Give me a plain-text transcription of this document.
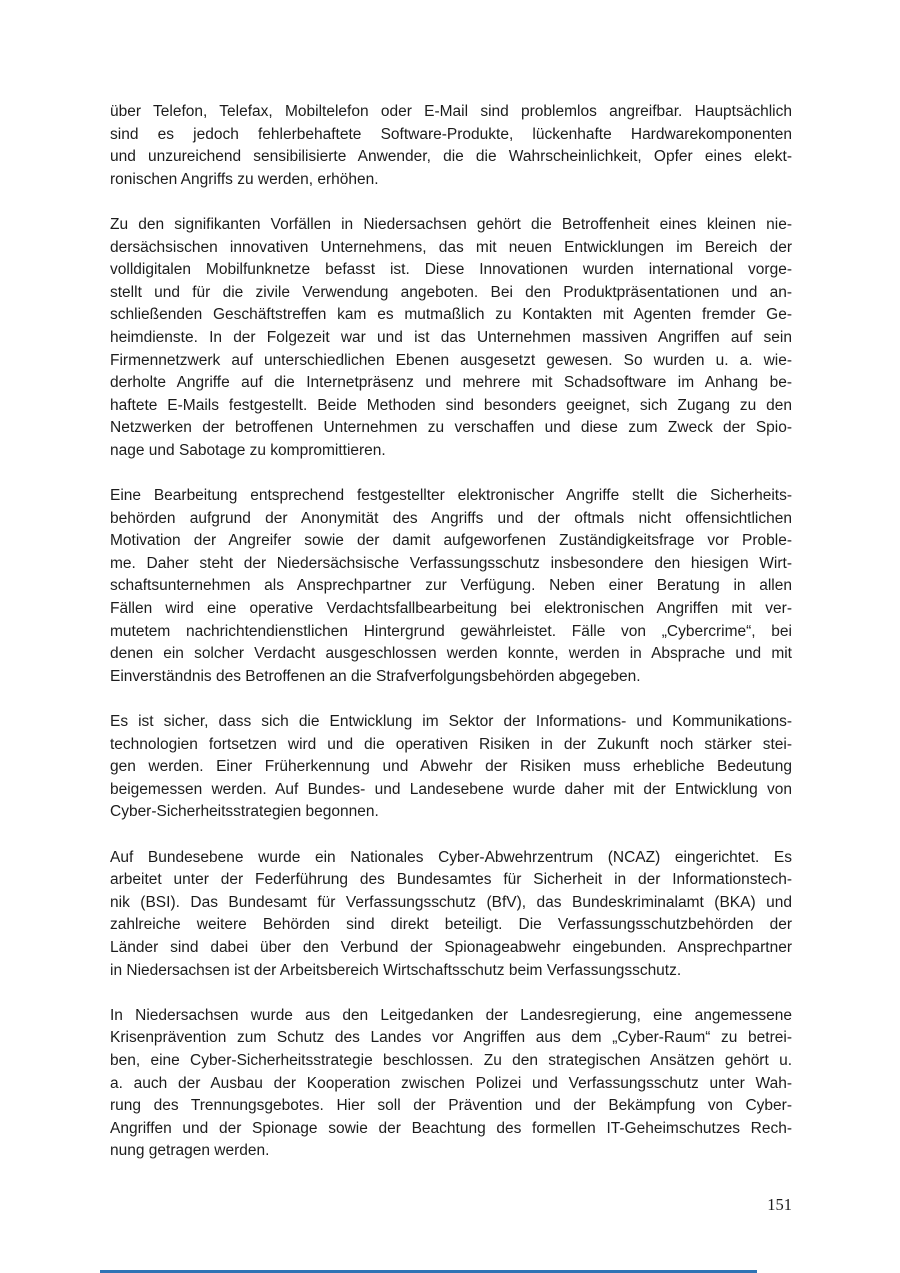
über Telefon, Telefax, Mobiltelefon oder E-Mail sind problemlos angreifbar. Hauptsächlich
sind es jedoch fehlerbehaftete Software-Produkte, lückenhafte Hardwarekomponenten
und unzureichend sensibilisierte Anwender, die die Wahrscheinlichkeit, Opfer eines elekt-
ronischen Angriffs zu werden, erhöhen.
Zu den signifikanten Vorfällen in Niedersachsen gehört die Betroffenheit eines kleinen nie-
dersächsischen innovativen Unternehmens, das mit neuen Entwicklungen im Bereich der
volldigitalen Mobilfunknetze befasst ist. Diese Innovationen wurden international vorge-
stellt und für die zivile Verwendung angeboten. Bei den Produktpräsentationen und an-
schließenden Geschäftstreffen kam es mutmaßlich zu Kontakten mit Agenten fremder Ge-
heimdienste. In der Folgezeit war und ist das Unternehmen massiven Angriffen auf sein
Firmennetzwerk auf unterschiedlichen Ebenen ausgesetzt gewesen. So wurden u. a. wie-
derholte Angriffe auf die Internetpräsenz und mehrere mit Schadsoftware im Anhang be-
haftete E-Mails festgestellt. Beide Methoden sind besonders geeignet, sich Zugang zu den
Netzwerken der betroffenen Unternehmen zu verschaffen und diese zum Zweck der Spio-
nage und Sabotage zu kompromittieren.
Eine Bearbeitung entsprechend festgestellter elektronischer Angriffe stellt die Sicherheits-
behörden aufgrund der Anonymität des Angriffs und der oftmals nicht offensichtlichen
Motivation der Angreifer sowie der damit aufgeworfenen Zuständigkeitsfrage vor Proble-
me. Daher steht der Niedersächsische Verfassungsschutz insbesondere den hiesigen Wirt-
schaftsunternehmen als Ansprechpartner zur Verfügung. Neben einer Beratung in allen
Fällen wird eine operative Verdachtsfallbearbeitung bei elektronischen Angriffen mit ver-
mutetem nachrichtendienstlichen Hintergrund gewährleistet. Fälle von „Cybercrime“, bei
denen ein solcher Verdacht ausgeschlossen werden konnte, werden in Absprache und mit
Einverständnis des Betroffenen an die Strafverfolgungsbehörden abgegeben.
Es ist sicher, dass sich die Entwicklung im Sektor der Informations- und Kommunikations-
technologien fortsetzen wird und die operativen Risiken in der Zukunft noch stärker stei-
gen werden. Einer Früherkennung und Abwehr der Risiken muss erhebliche Bedeutung
beigemessen werden. Auf Bundes- und Landesebene wurde daher mit der Entwicklung von
Cyber-Sicherheitsstrategien begonnen.
Auf Bundesebene wurde ein Nationales Cyber-Abwehrzentrum (NCAZ) eingerichtet. Es
arbeitet unter der Federführung des Bundesamtes für Sicherheit in der Informationstech-
nik (BSI). Das Bundesamt für Verfassungsschutz (BfV), das Bundeskriminalamt (BKA) und
zahlreiche weitere Behörden sind direkt beteiligt. Die Verfassungsschutzbehörden der
Länder sind dabei über den Verbund der Spionageabwehr eingebunden. Ansprechpartner
in Niedersachsen ist der Arbeitsbereich Wirtschaftsschutz beim Verfassungsschutz.
In Niedersachsen wurde aus den Leitgedanken der Landesregierung, eine angemessene
Krisenprävention zum Schutz des Landes vor Angriffen aus dem „Cyber-Raum“ zu betrei-
ben, eine Cyber-Sicherheitsstrategie beschlossen. Zu den strategischen Ansätzen gehört u.
a. auch der Ausbau der Kooperation zwischen Polizei und Verfassungsschutz unter Wah-
rung des Trennungsgebotes. Hier soll der Prävention und der Bekämpfung von Cyber-
Angriffen und der Spionage sowie der Beachtung des formellen IT-Geheimschutzes Rech-
nung getragen werden.
151
